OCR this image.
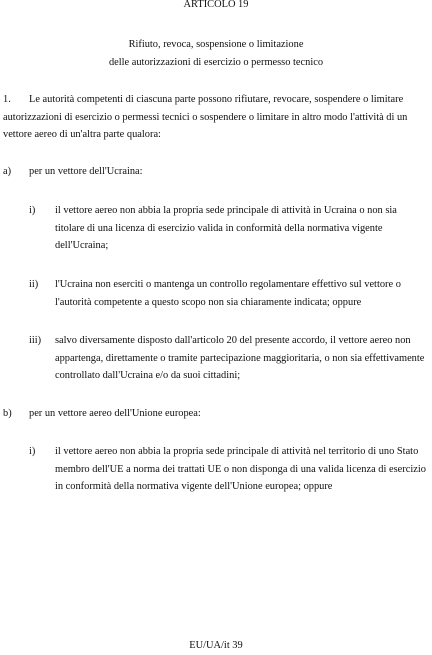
ARTICOLO 19
Rifiuto, revoca, sospensione o limitazione
delle autorizzazioni di esercizio o permesso tecnico
1.	Le autorità competenti di ciascuna parte possono rifiutare, revocare, sospendere o limitare autorizzazioni di esercizio o permessi tecnici o sospendere o limitare in altro modo l'attività di un vettore aereo di un'altra parte qualora:
a) per un vettore dell'Ucraina:
i) il vettore aereo non abbia la propria sede principale di attività in Ucraina o non sia titolare di una licenza di esercizio valida in conformità della normativa vigente dell'Ucraina;
ii) l'Ucraina non eserciti o mantenga un controllo regolamentare effettivo sul vettore o l'autorità competente a questo scopo non sia chiaramente indicata; oppure
iii) salvo diversamente disposto dall'articolo 20 del presente accordo, il vettore aereo non appartenga, direttamente o tramite partecipazione maggioritaria, o non sia effettivamente controllato dall'Ucraina e/o da suoi cittadini;
b) per un vettore aereo dell'Unione europea:
i) il vettore aereo non abbia la propria sede principale di attività nel territorio di uno Stato membro dell'UE a norma dei trattati UE o non disponga di una valida licenza di esercizio in conformità della normativa vigente dell'Unione europea; oppure
EU/UA/it 39
